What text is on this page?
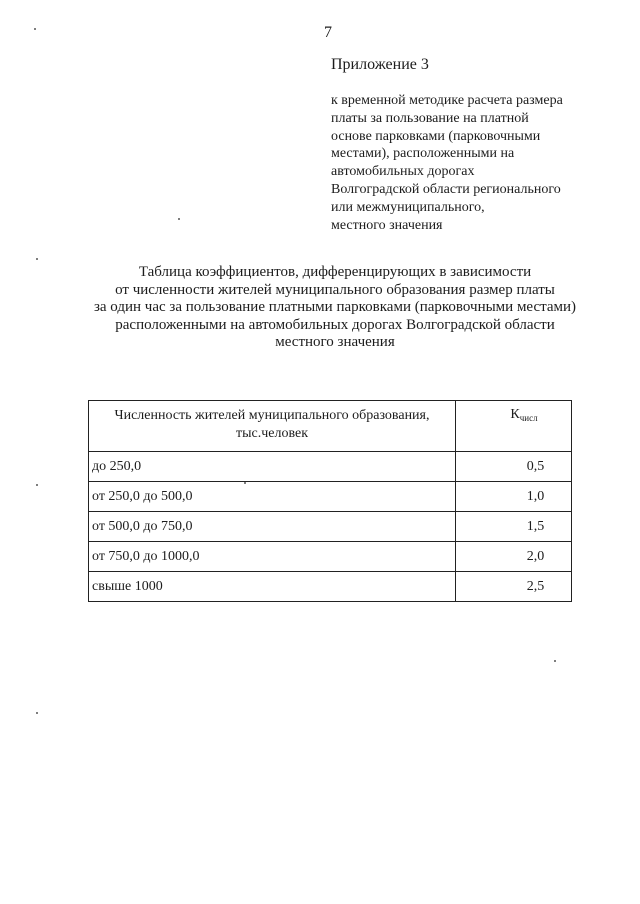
7
Приложение 3
к временной методике расчета размера
платы за пользование на платной
основе парковками (парковочными
местами), расположенными на
автомобильных дорогах
Волгоградской области регионального
или межмуниципального,
местного значения
Таблица коэффициентов, дифференцирующих в зависимости
от численности жителей муниципального образования размер платы
за один час за пользование платными парковками (парковочными местами)
расположенными на автомобильных дорогах Волгоградской области
местного значения
Численность жителей муниципального образования,
тыс.человек	$К_{числ}$
до 250,0	0,5
от 250,0 до 500,0	1,0
от 500,0 до 750,0	1,5
от 750,0 до 1000,0	2,0
свыше 1000	2,5
